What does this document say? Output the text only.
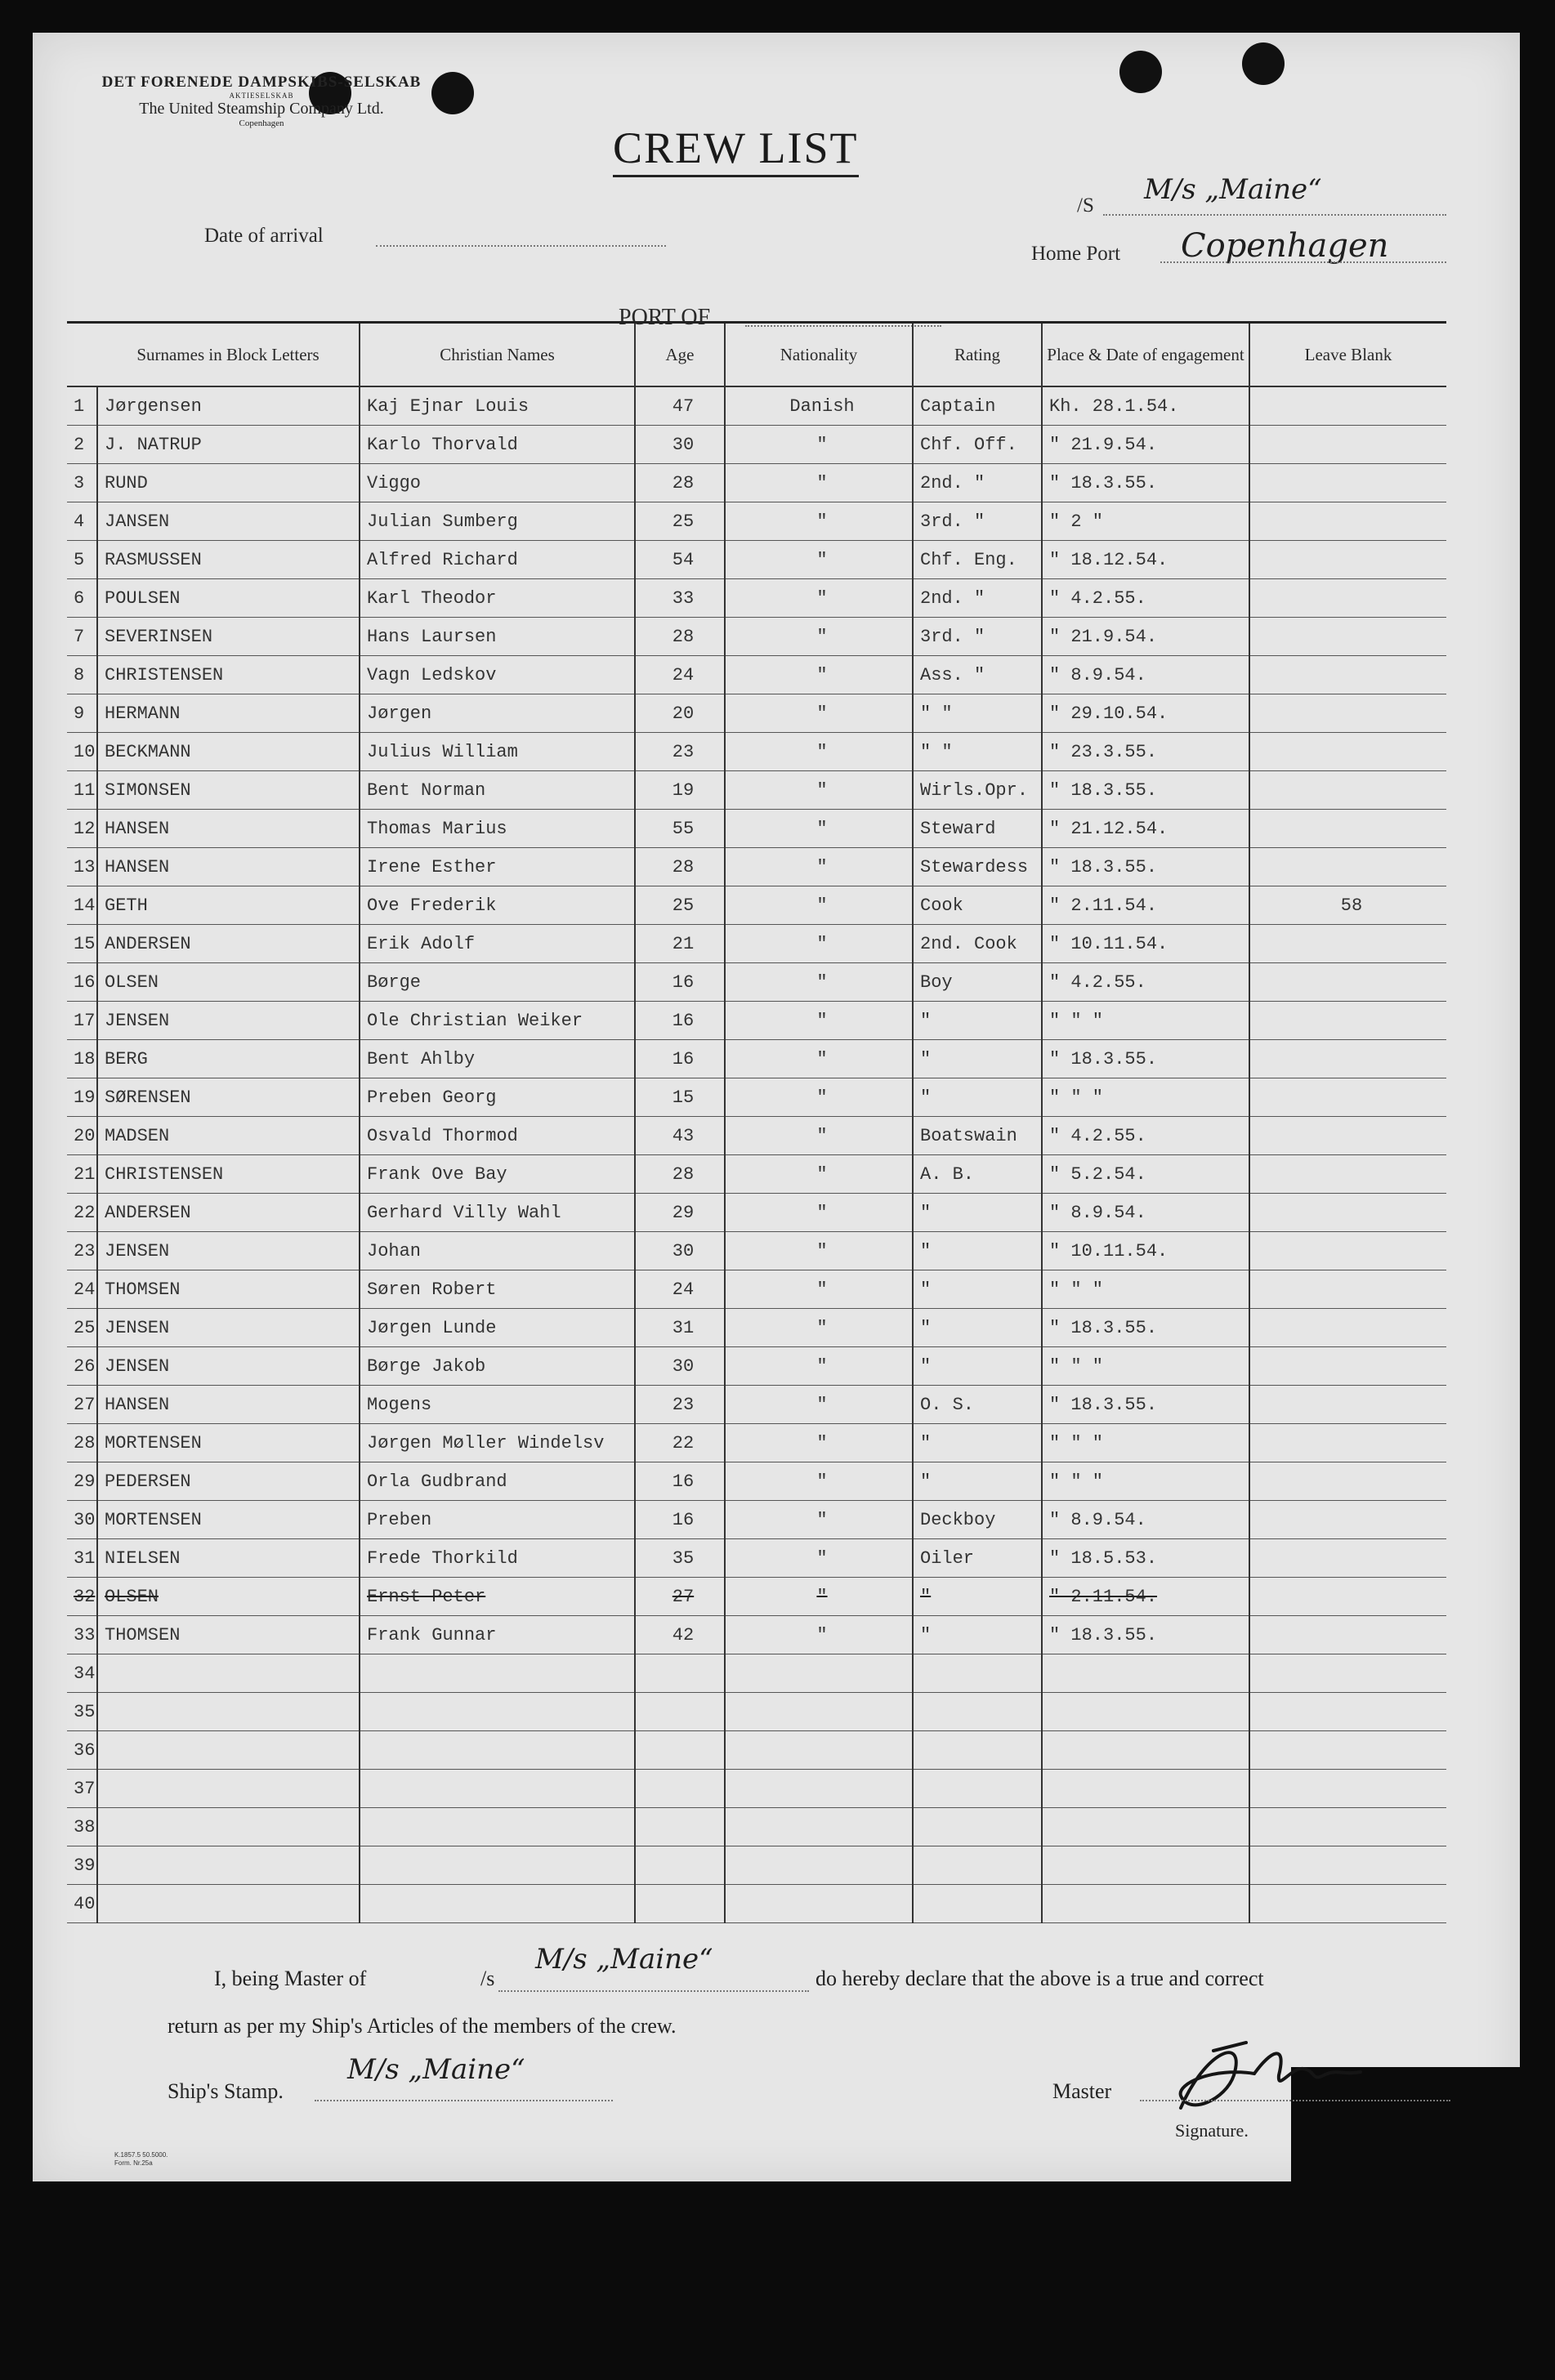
DET FORENEDE DAMPSKIBS-SELSKAB
AKTIESELSKAB
The United Steamship Company Ltd.
Copenhagen	CREW LIST
Date of arrival
/S M/s „Maine“
Home Port Copenhagen
PORT OF
	Surnames in Block Letters	Christian Names	Age	Nationality	Rating	Place & Date of engagement	Leave Blank
1	Jørgensen	Kaj Ejnar Louis	47	Danish	Captain	Kh. 28.1.54.	
2	J. NATRUP	Karlo Thorvald	30	"	Chf. Off.	" 21.9.54.	
3	RUND	Viggo	28	"	2nd. "	" 18.3.55.	
4	JANSEN	Julian Sumberg	25	"	3rd. "	" 2 "	
5	RASMUSSEN	Alfred Richard	54	"	Chf. Eng.	" 18.12.54.	
6	POULSEN	Karl Theodor	33	"	2nd. "	" 4.2.55.	
7	SEVERINSEN	Hans Laursen	28	"	3rd. "	" 21.9.54.	
8	CHRISTENSEN	Vagn Ledskov	24	"	Ass. "	" 8.9.54.	
9	HERMANN	Jørgen	20	"	" "	" 29.10.54.	
10	BECKMANN	Julius William	23	"	" "	" 23.3.55.	
11	SIMONSEN	Bent Norman	19	"	Wirls.Opr.	" 18.3.55.	
12	HANSEN	Thomas Marius	55	"	Steward	" 21.12.54.	
13	HANSEN	Irene Esther	28	"	Stewardess	" 18.3.55.	
14	GETH	Ove Frederik	25	"	Cook	" 2.11.54.	58
15	ANDERSEN	Erik Adolf	21	"	2nd. Cook	" 10.11.54.	
16	OLSEN	Børge	16	"	Boy	" 4.2.55.	
17	JENSEN	Ole Christian Weiker	16	"	"	" " "	
18	BERG	Bent Ahlby	16	"	"	" 18.3.55.	
19	SØRENSEN	Preben Georg	15	"	"	" " "	
20	MADSEN	Osvald Thormod	43	"	Boatswain	" 4.2.55.	
21	CHRISTENSEN	Frank Ove Bay	28	"	A. B.	" 5.2.54.	
22	ANDERSEN	Gerhard Villy Wahl	29	"	"	" 8.9.54.	
23	JENSEN	Johan	30	"	"	" 10.11.54.	
24	THOMSEN	Søren Robert	24	"	"	" " "	
25	JENSEN	Jørgen Lunde	31	"	"	" 18.3.55.	
26	JENSEN	Børge Jakob	30	"	"	" " "	
27	HANSEN	Mogens	23	"	O. S.	" 18.3.55.	
28	MORTENSEN	Jørgen Møller Windelsv	22	"	"	" " "	
29	PEDERSEN	Orla Gudbrand	16	"	"	" " "	
30	MORTENSEN	Preben	16	"	Deckboy	" 8.9.54.	
31	NIELSEN	Frede Thorkild	35	"	Oiler	" 18.5.53.	
32	OLSEN	Ernst Peter	27	"	"	" 2.11.54.	
33	THOMSEN	Frank Gunnar	42	"	"	" 18.3.55.	
34							
35							
36							
37							
38							
39							
40							
I, being Master of	/s
M/s „Maine“
do hereby declare that the above is a true and correct
return as per my Ship's Articles of the members of the crew.
Ship's Stamp.
M/s „Maine“
Master
Signature.
K.1857.5 50.5000.
Form. Nr.25a
